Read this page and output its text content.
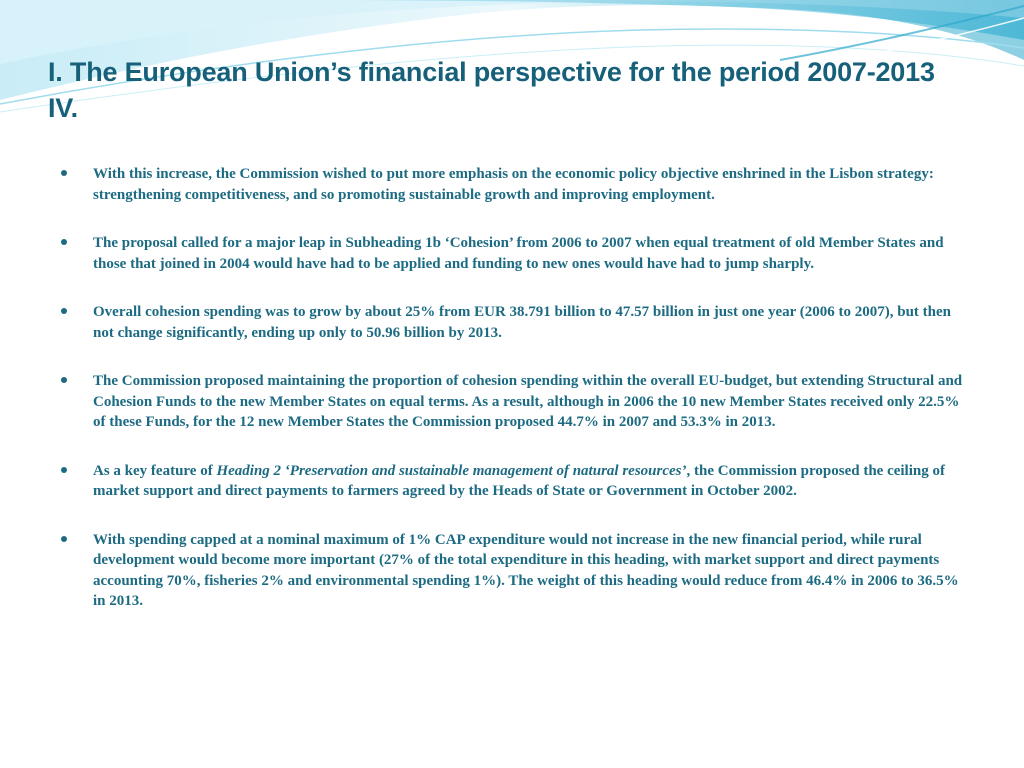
I. The European Union’s financial perspective for the period 2007-2013 IV.
With this increase, the Commission wished to put more emphasis on the economic policy objective enshrined in the Lisbon strategy: strengthening competitiveness, and so promoting sustainable growth and improving employment.
The proposal called for a major leap in Subheading 1b ‘Cohesion’ from 2006 to 2007 when equal treatment of old Member States and those that joined in 2004 would have had to be applied and funding to new ones would have had to jump sharply.
Overall cohesion spending was to grow by about 25% from EUR 38.791 billion to 47.57 billion in just one year (2006 to 2007), but then not change significantly, ending up only to 50.96 billion by 2013.
The Commission proposed maintaining the proportion of cohesion spending within the overall EU-budget, but extending Structural and Cohesion Funds to the new Member States on equal terms. As a result, although in 2006 the 10 new Member States received only 22.5% of these Funds, for the 12 new Member States the Commission proposed 44.7% in 2007 and 53.3% in 2013.
As a key feature of Heading 2 ‘Preservation and sustainable management of natural resources’, the Commission proposed the ceiling of market support and direct payments to farmers agreed by the Heads of State or Government in October 2002.
With spending capped at a nominal maximum of 1% CAP expenditure would not increase in the new financial period, while rural development would become more important (27% of the total expenditure in this heading, with market support and direct payments accounting 70%, fisheries 2% and environmental spending 1%). The weight of this heading would reduce from 46.4% in 2006 to 36.5% in 2013.
